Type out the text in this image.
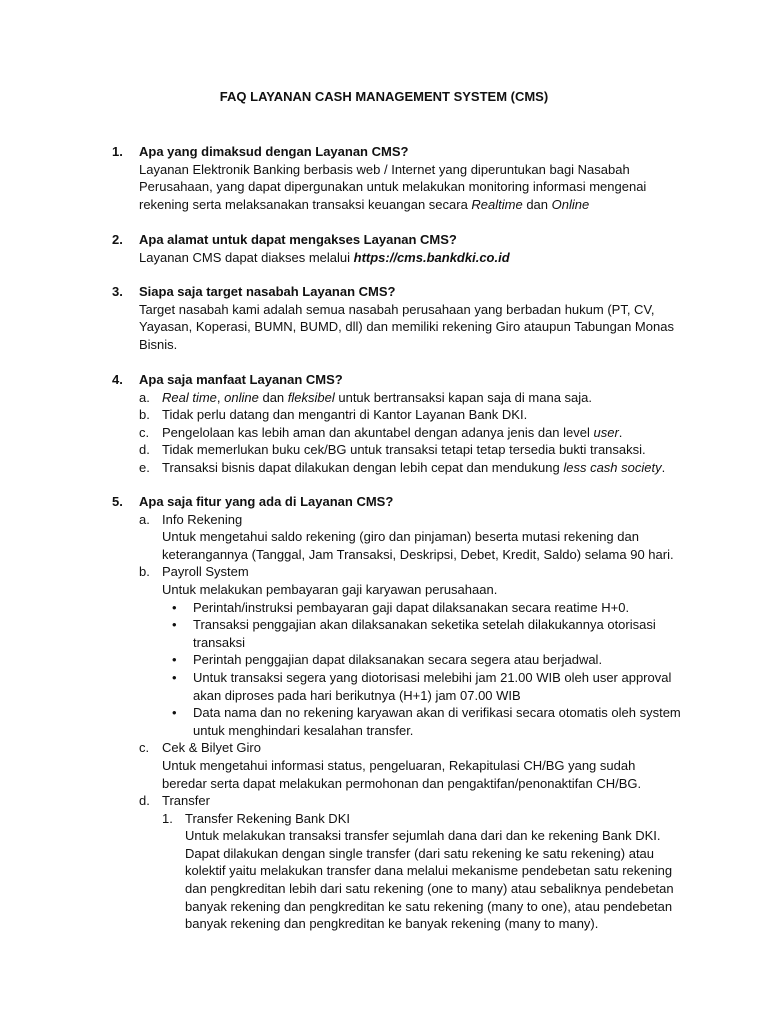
FAQ LAYANAN CASH MANAGEMENT SYSTEM (CMS)
1.	Apa yang dimaksud dengan Layanan CMS?
Layanan Elektronik Banking berbasis web / Internet yang diperuntukan bagi Nasabah Perusahaan, yang dapat dipergunakan untuk melakukan monitoring informasi mengenai rekening serta melaksanakan transaksi keuangan secara Realtime dan Online
2.	Apa alamat untuk dapat mengakses Layanan CMS?
Layanan CMS dapat diakses melalui https://cms.bankdki.co.id
3.	Siapa saja target nasabah Layanan CMS?
Target nasabah kami adalah semua nasabah perusahaan yang berbadan hukum (PT, CV, Yayasan, Koperasi, BUMN, BUMD, dll) dan memiliki rekening Giro ataupun Tabungan Monas Bisnis.
4.	Apa saja manfaat Layanan CMS?
a. Real time, online dan fleksibel untuk bertransaksi kapan saja di mana saja.
b. Tidak perlu datang dan mengantri di Kantor Layanan Bank DKI.
c. Pengelolaan kas lebih aman dan akuntabel dengan adanya jenis dan level user.
d. Tidak memerlukan buku cek/BG untuk transaksi tetapi tetap tersedia bukti transaksi.
e. Transaksi bisnis dapat dilakukan dengan lebih cepat dan mendukung less cash society.
5.	Apa saja fitur yang ada di Layanan CMS?
a. Info Rekening
Untuk mengetahui saldo rekening (giro dan pinjaman) beserta mutasi rekening dan keterangannya (Tanggal, Jam Transaksi, Deskripsi, Debet, Kredit, Saldo) selama 90 hari.
b. Payroll System
Untuk melakukan pembayaran gaji karyawan perusahaan.
• Perintah/instruksi pembayaran gaji dapat dilaksanakan secara reatime H+0.
• Transaksi penggajian akan dilaksanakan seketika setelah dilakukannya otorisasi transaksi
• Perintah penggajian dapat dilaksanakan secara segera atau berjadwal.
• Untuk transaksi segera yang diotorisasi melebihi jam 21.00 WIB oleh user approval akan diproses pada hari berikutnya (H+1) jam 07.00 WIB
• Data nama dan no rekening karyawan akan di verifikasi secara otomatis oleh system untuk menghindari kesalahan transfer.
c. Cek & Bilyet Giro
Untuk mengetahui informasi status, pengeluaran, Rekapitulasi CH/BG yang sudah beredar serta dapat melakukan permohonan dan pengaktifan/penonaktifan CH/BG.
d. Transfer
1. Transfer Rekening Bank DKI
Untuk melakukan transaksi transfer sejumlah dana dari dan ke rekening Bank DKI. Dapat dilakukan dengan single transfer (dari satu rekening ke satu rekening) atau kolektif yaitu melakukan transfer dana melalui mekanisme pendebetan satu rekening dan pengkreditan lebih dari satu rekening (one to many) atau sebaliknya pendebetan banyak rekening dan pengkreditan ke satu rekening (many to one), atau pendebetan banyak rekening dan pengkreditan ke banyak rekening (many to many).
